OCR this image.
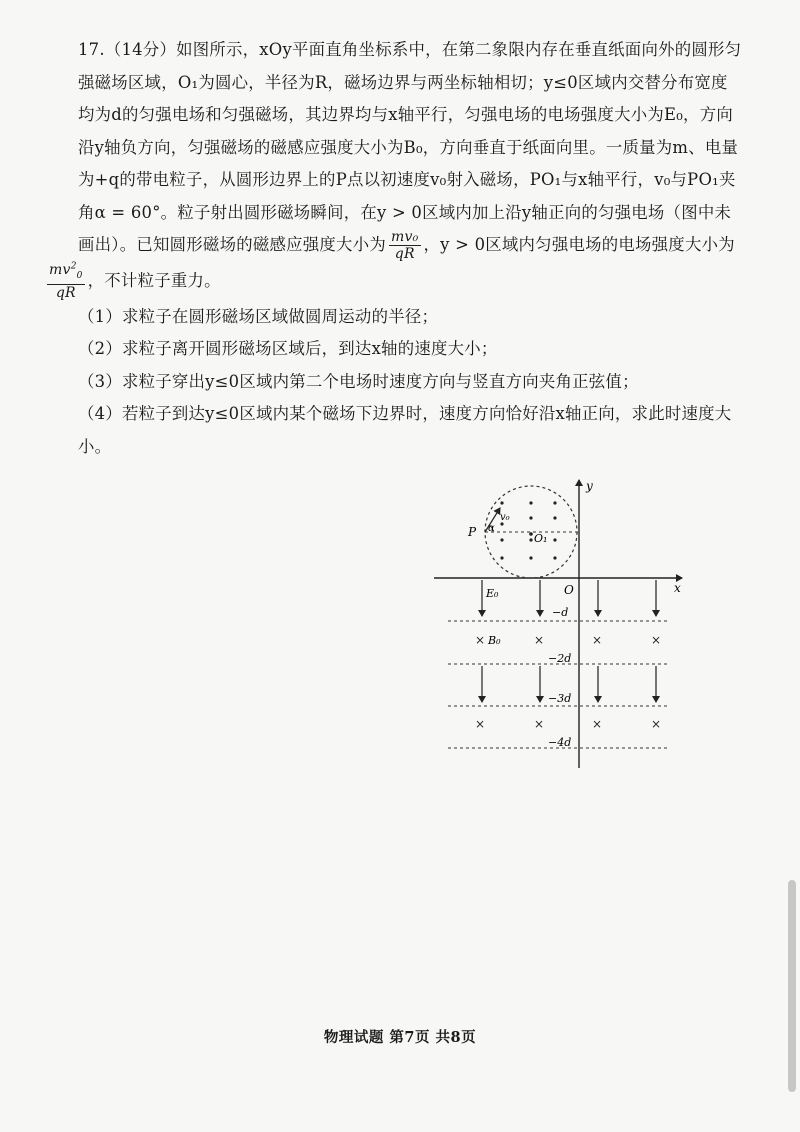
17.（14分）如图所示，xOy平面直角坐标系中，在第二象限内存在垂直纸面向外的圆形匀强磁场区域，O₁为圆心，半径为R，磁场边界与两坐标轴相切；y≤0区域内交替分布宽度均为d的匀强电场和匀强磁场，其边界均与x轴平行，匀强电场的电场强度大小为E₀，方向沿y轴负方向，匀强磁场的磁感应强度大小为B₀，方向垂直于纸面向里。一质量为m、电量为+q的带电粒子，从圆形边界上的P点以初速度v₀射入磁场，PO₁与x轴平行，v₀与PO₁夹角α = 60°。粒子射出圆形磁场瞬间，在y > 0区域内加上沿y轴正向的匀强电场（图中未画出）。已知圆形磁场的磁感应强度大小为 $\frac{\text{mv₀}}{qR}$ ，y > 0区域内匀强电场的电场强度大小为

$\frac{mv^2_0}{qR}$ ，不计粒子重力。

（1）求粒子在圆形磁场区域做圆周运动的半径；

（2）求粒子离开圆形磁场区域后，到达x轴的速度大小；

（3）求粒子穿出y≤0区域内第二个电场时速度方向与竖直方向夹角正弦值；

（4）若粒子到达y≤0区域内某个磁场下边界时，速度方向恰好沿x轴正向，求此时速度大小。

y
x
O
P
v₀
α
O₁
E₀
−d
×	×	×	×
B₀
−2d
−3d
×	×	×	×
−4d
物理试题 第7页 共8页
